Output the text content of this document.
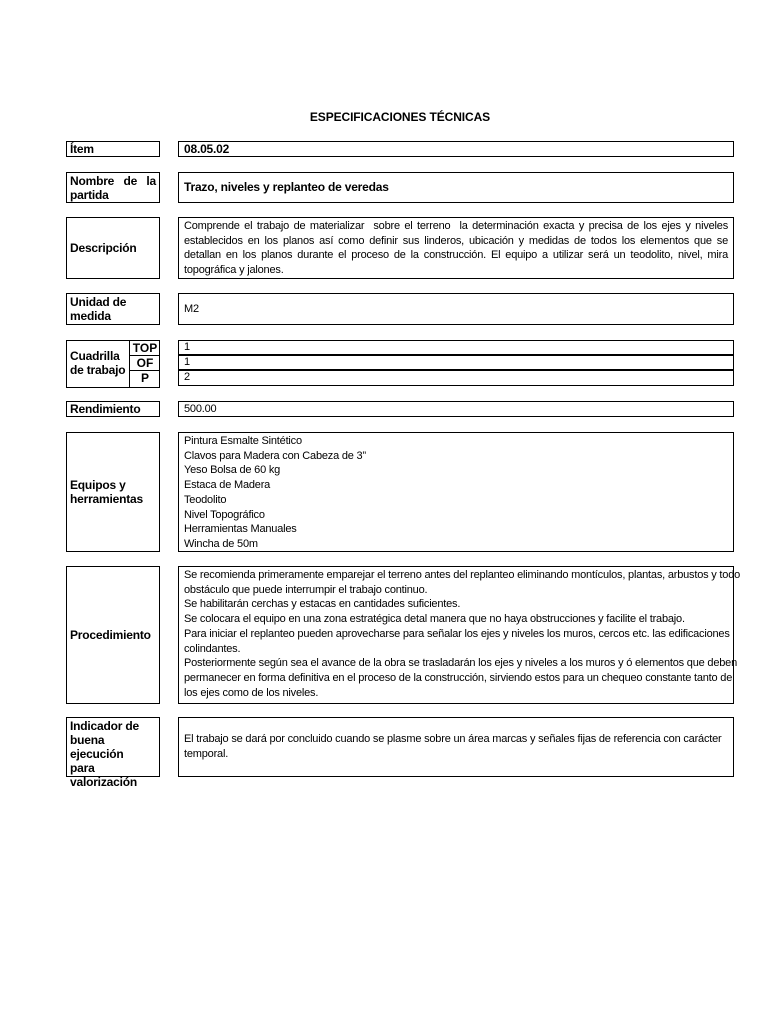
ESPECIFICACIONES TÉCNICAS
Ítem	08.05.02
Nombre de la
partida
Trazo, niveles y replanteo de veredas
Descripción
Comprende el trabajo de materializar  sobre el terreno  la determinación exacta y precisa de los ejes y niveles establecidos en los planos así como definir sus linderos, ubicación y medidas de todos los elementos que se detallan en los planos durante el proceso de la construcción. El equipo a utilizar será un teodolito, nivel, mira topográfica y jalones.
Unidad de medida
M2
Cuadrilla de trabajo
TOP
OF
P
1
1
2
Rendimiento	500.00
Equipos y herramientas
Pintura Esmalte Sintético
Clavos para Madera con Cabeza de 3”
Yeso Bolsa de 60 kg
Estaca de Madera
Teodolito
Nivel Topográfico
Herramientas Manuales
Wincha de 50m
Procedimiento
Se recomienda primeramente emparejar el terreno antes del replanteo eliminando montículos, plantas, arbustos y todo
obstáculo que puede interrumpir el trabajo continuo.
Se habilitarán cerchas y estacas en cantidades suficientes.
Se colocara el equipo en una zona estratégica detal manera que no haya obstrucciones y facilite el trabajo.
Para iniciar el replanteo pueden aprovecharse para señalar los ejes y niveles los muros, cercos etc. las edificaciones
colindantes.
Posteriormente según sea el avance de la obra se trasladarán los ejes y niveles a los muros y ó elementos que deben
permanecer en forma definitiva en el proceso de la construcción, sirviendo estos para un chequeo constante tanto de
los ejes como de los niveles.
Indicador de
buena ejecución
para
valorización
El trabajo se dará por concluido cuando se plasme sobre un área marcas y señales fijas de referencia con carácter
temporal.
